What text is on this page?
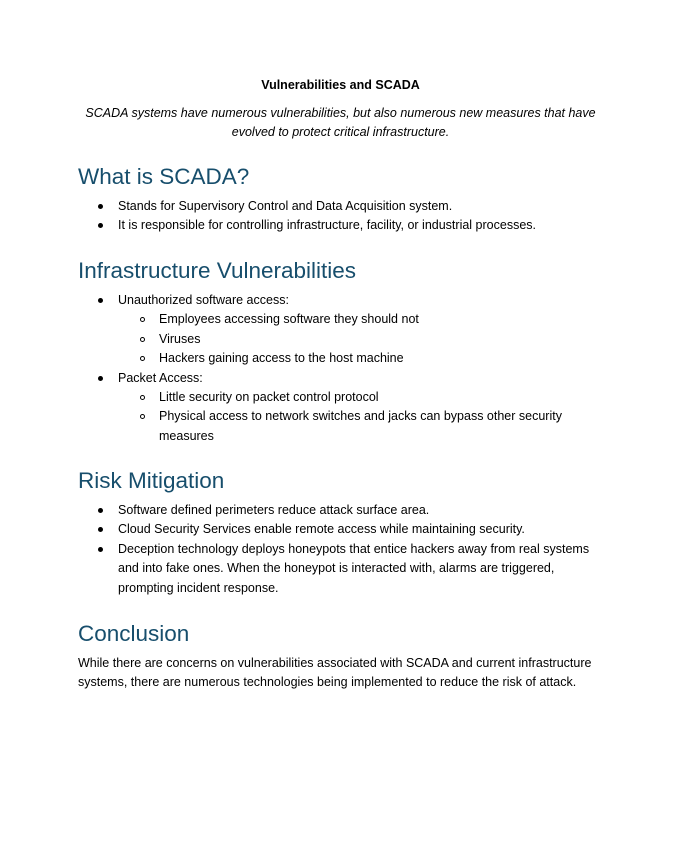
Vulnerabilities and SCADA
SCADA systems have numerous vulnerabilities, but also numerous new measures that have evolved to protect critical infrastructure.
What is SCADA?
Stands for Supervisory Control and Data Acquisition system.
It is responsible for controlling infrastructure, facility, or industrial processes.
Infrastructure Vulnerabilities
Unauthorized software access:
Employees accessing software they should not
Viruses
Hackers gaining access to the host machine
Packet Access:
Little security on packet control protocol
Physical access to network switches and jacks can bypass other security measures
Risk Mitigation
Software defined perimeters reduce attack surface area.
Cloud Security Services enable remote access while maintaining security.
Deception technology deploys honeypots that entice hackers away from real systems and into fake ones. When the honeypot is interacted with, alarms are triggered, prompting incident response.
Conclusion
While there are concerns on vulnerabilities associated with SCADA and current infrastructure systems, there are numerous technologies being implemented to reduce the risk of attack.
